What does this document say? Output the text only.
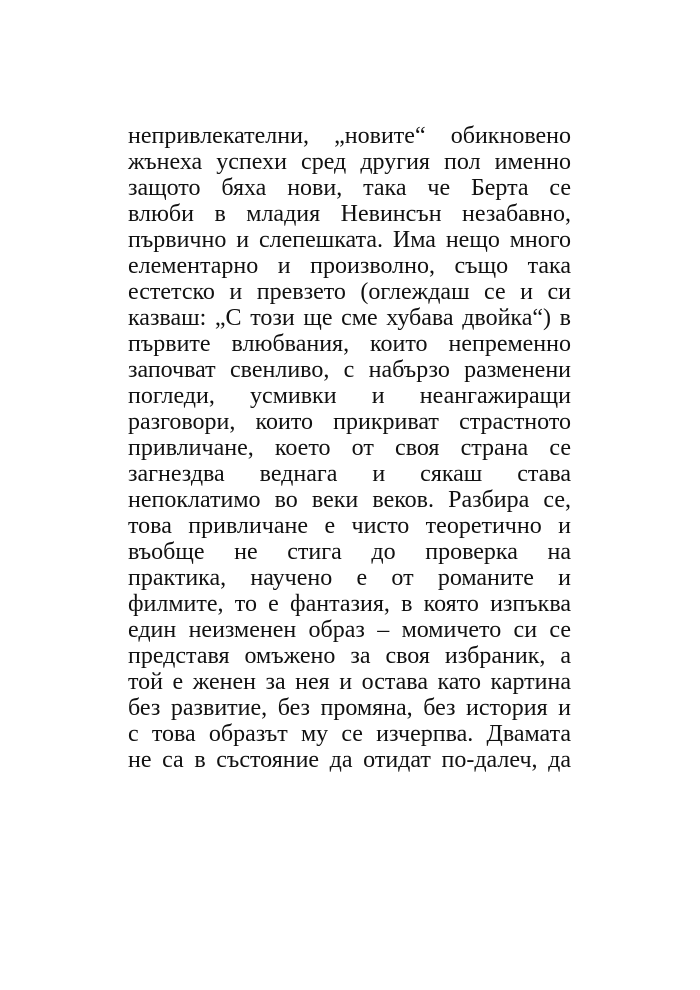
непривлекателни, „новите“ обикновено
жънеха успехи сред другия пол именно
защото бяха нови, така че Берта се
влюби в младия Невинсън незабавно,
първично и слепешката. Има нещо много
елементарно и произволно, също така
естетско и превзето (оглеждаш се и си
казваш: „С този ще сме хубава двойка“) в
първите влюбвания, които непременно
започват свенливо, с набързо разменени
погледи, усмивки и неангажиращи
разговори, които прикриват страстното
привличане, което от своя страна се
загнездва веднага и сякаш става
непоклатимо во веки веков. Разбира се,
това привличане е чисто теоретично и
въобще не стига до проверка на
практика, научено е от романите и
филмите, то е фантазия, в която изпъква
един неизменен образ – момичето си се
представя омъжено за своя избраник, а
той е женен за нея и остава като картина
без развитие, без промяна, без история и
с това образът му се изчерпва. Двамата
не са в състояние да отидат по-далеч, да
